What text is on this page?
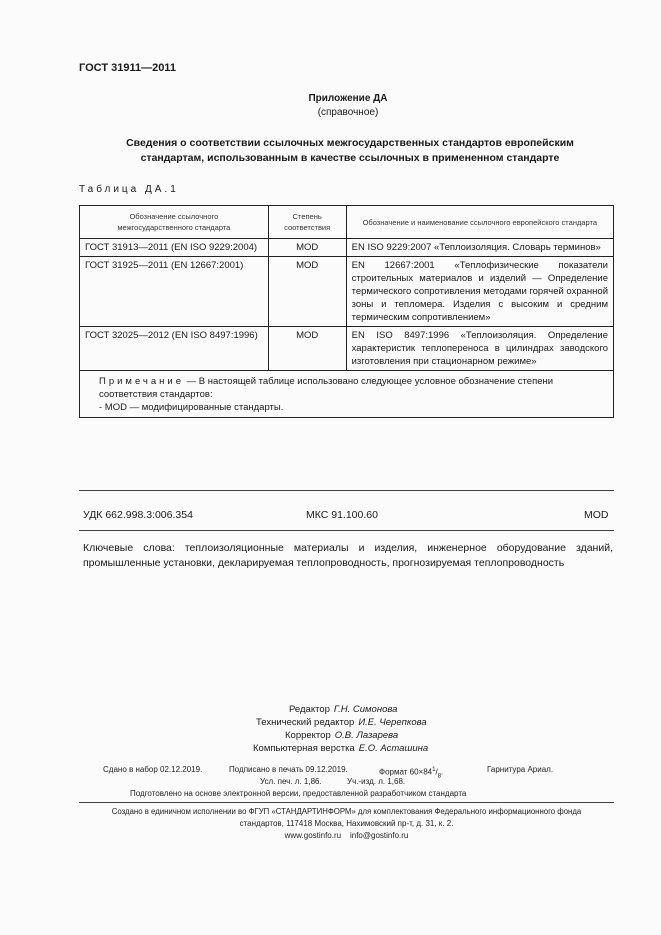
ГОСТ 31911—2011
Приложение ДА
(справочное)
Сведения о соответствии ссылочных межгосударственных стандартов европейским
стандартам, использованным в качестве ссылочных в примененном стандарте
Таблица ДА.1
Обозначение ссылочного межгосударственного стандарта	Степень соответствия	Обозначение и наименование ссылочного европейского стандарта
ГОСТ 31913—2011 (EN ISO 9229:2004)	MOD	EN ISO 9229:2007 «Теплоизоляция. Словарь терминов»
ГОСТ 31925—2011 (EN 12667:2001)	MOD	EN 12667:2001 «Теплофизические показатели строительных материалов и изделий — Определение термического сопротивления методами горячей охранной зоны и тепломера. Изделия с высоким и средним термическим сопротивлением»
ГОСТ 32025—2012 (EN ISO 8497:1996)	MOD	EN ISO 8497:1996 «Теплоизоляция. Определение характеристик теплопереноса в цилиндрах заводского изготовления при стационарном режиме»

Примечание — В настоящей таблице использовано следующее условное обозначение степени соответствия стандартов:
- MOD — модифицированные стандарты.		
УДК 662.998.3:006.354	МКС 91.100.60	MOD
Ключевые слова: теплоизоляционные материалы и изделия, инженерное оборудование зданий, промышленные установки, декларируемая теплопроводность, прогнозируемая теплопроводность
Редактор Г.Н. Симонова
Технический редактор И.Е. Черепкова
Корректор О.В. Лазарева
Компьютерная верстка Е.О. Асташина
Сдано в набор 02.12.2019.	Подписано в печать 09.12.2019.	Формат $60\times 84^1/_8$.	Гарнитура Ариал.
Усл. печ. л. 1,86.	Уч.-изд. л. 1,68.
Подготовлено на основе электронной версии, предоставленной разработчиком стандарта
Создано в единичном исполнении во ФГУП «СТАНДАРТИНФОРМ» для комплектования Федерального информационного фонда
стандартов, 117418 Москва, Нахимовский пр-т, д. 31, к. 2.
www.gostinfo.ru info@gostinfo.ru
